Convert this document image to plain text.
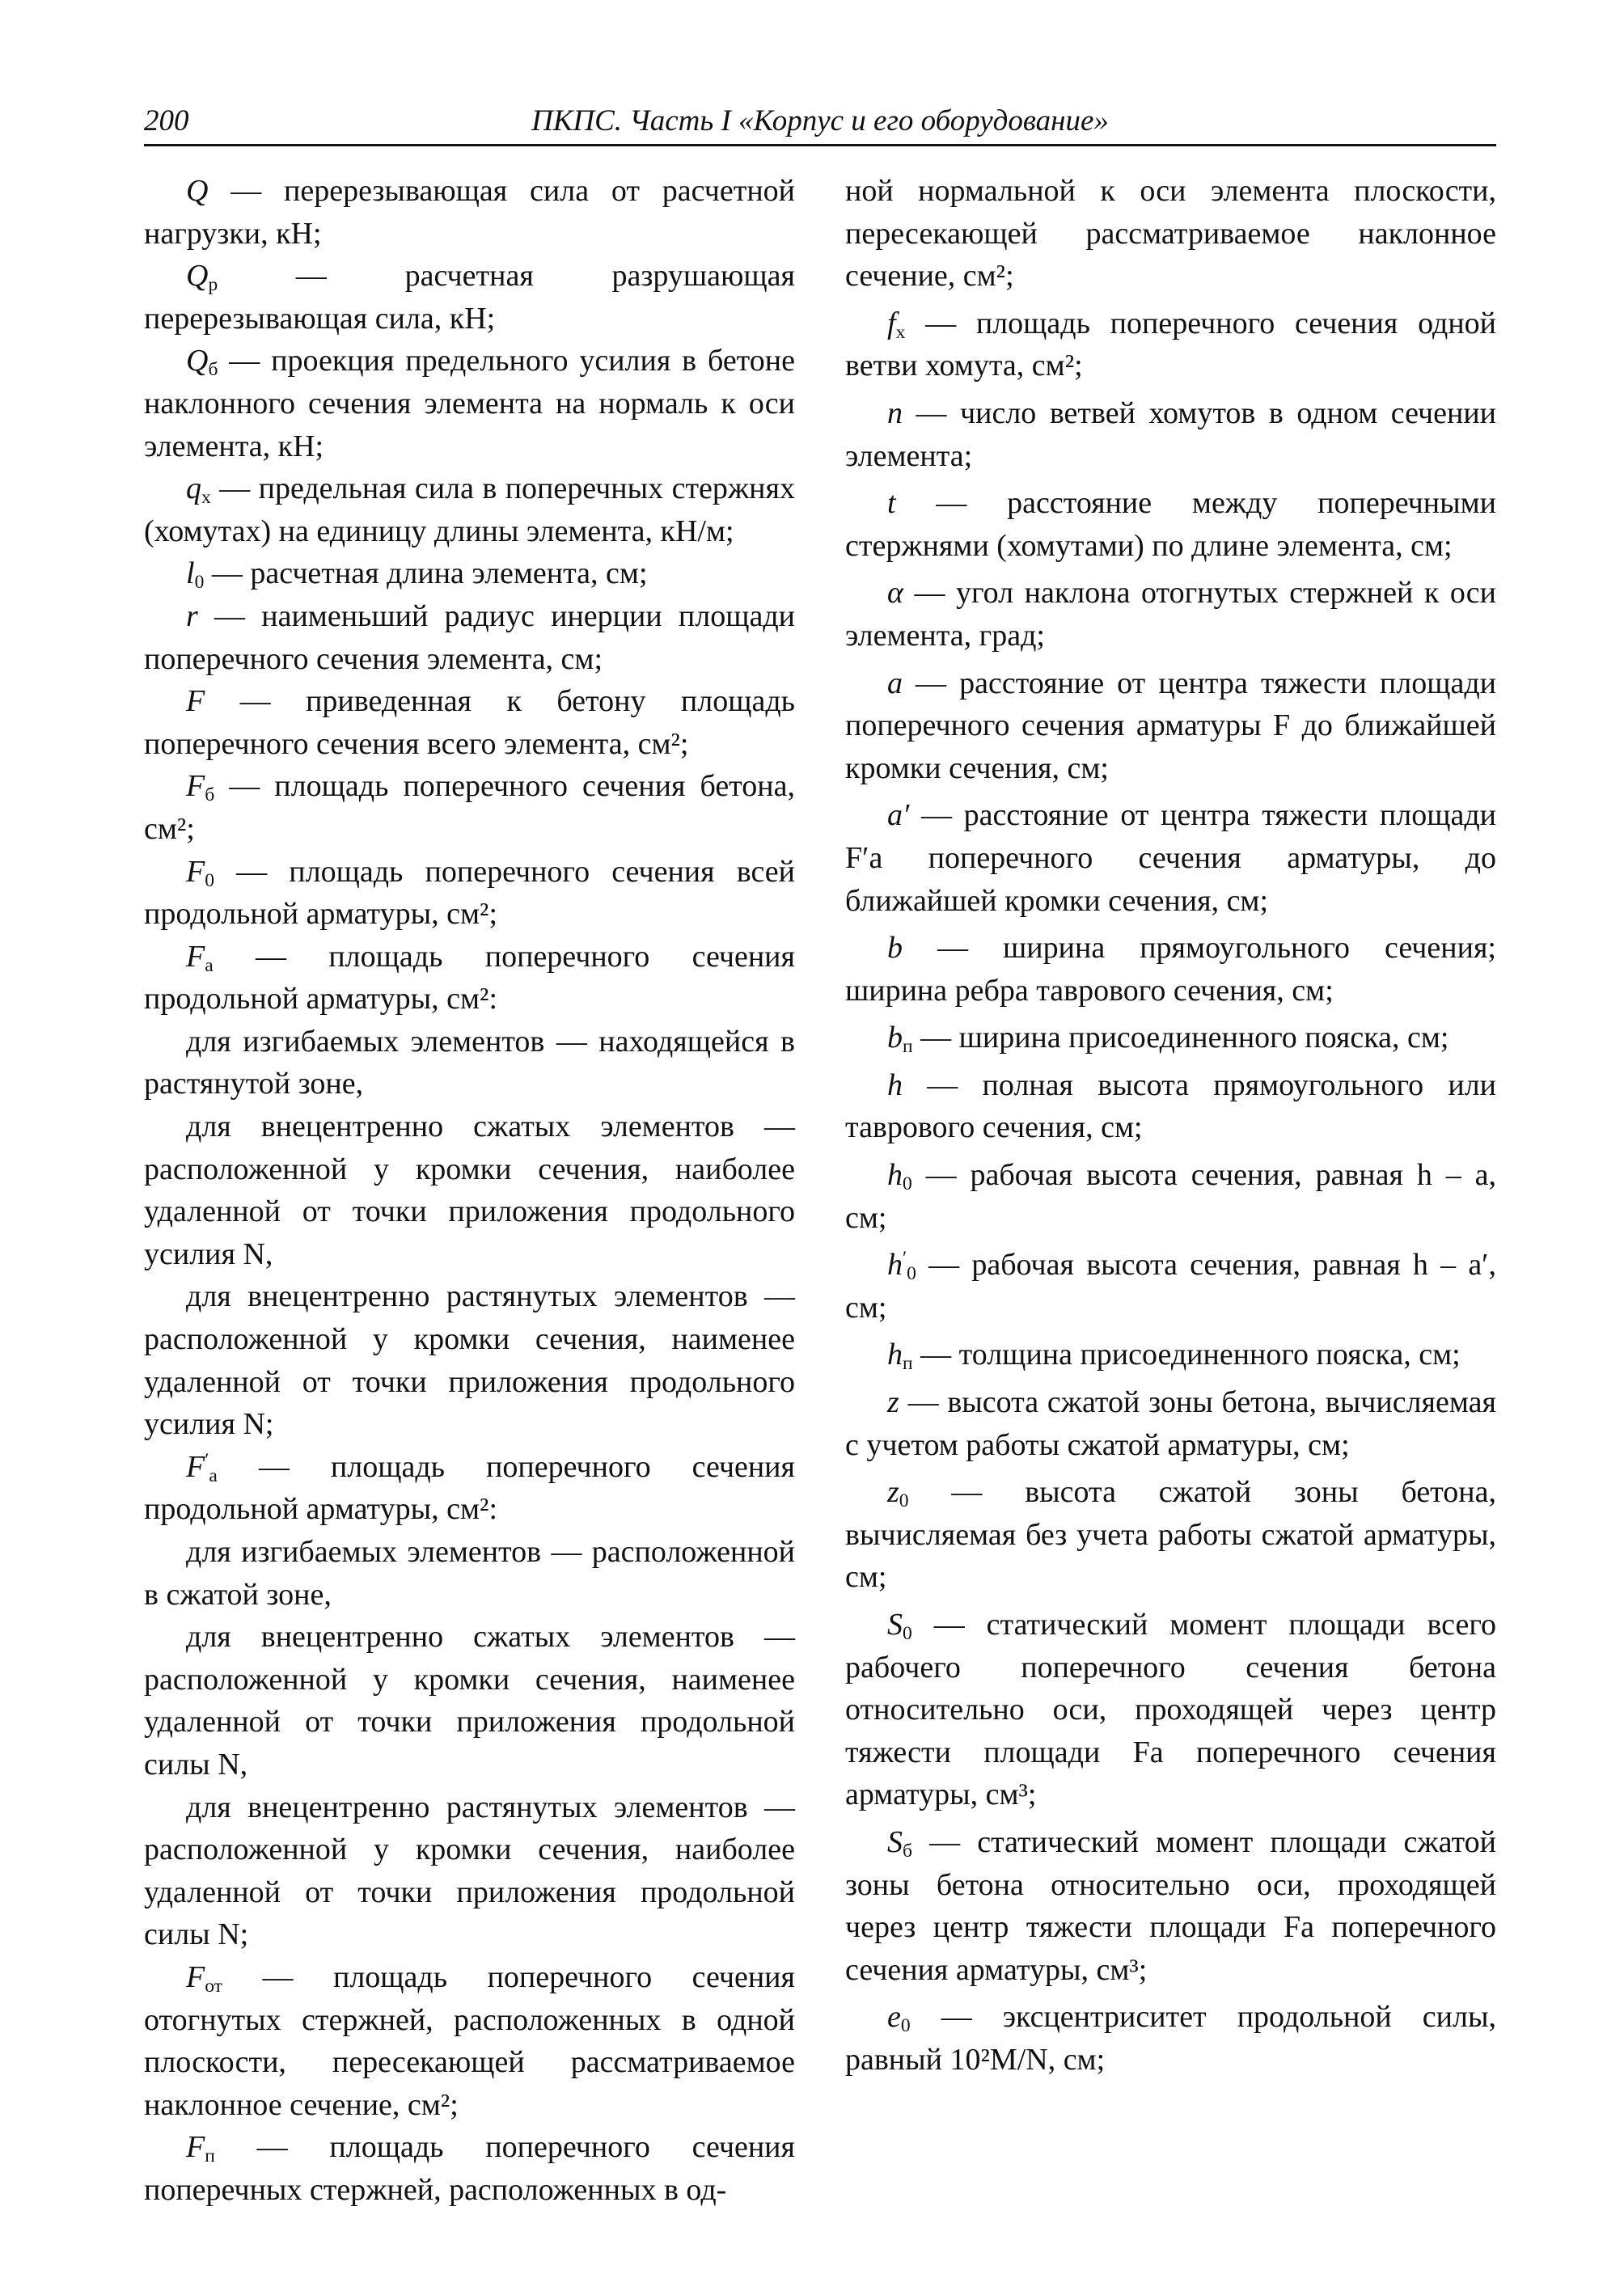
200	ПКПС. Часть I «Корпус и его оборудование»

Q — перерезывающая сила от расчетной нагрузки, кН;

$Q_р$ — расчетная разрушающая перерезывающая сила, кН;

$Q_б$ — проекция предельного усилия в бетоне наклонного сечения элемента на нормаль к оси элемента, кН;

$q_х$ — предельная сила в поперечных стержнях (хомутах) на единицу длины элемента, кН/м;

$l_0$ — расчетная длина элемента, см;

r — наименьший радиус инерции площади поперечного сечения элемента, см;

F — приведенная к бетону площадь поперечного сечения всего элемента, см²;

$F_б$ — площадь поперечного сечения бетона, см²;

$F_0$ — площадь поперечного сечения всей продольной арматуры, см²;

$F_а$ — площадь поперечного сечения продольной арматуры, см²:

для изгибаемых элементов — находящейся в растянутой зоне,

для внецентренно сжатых элементов — расположенной у кромки сечения, наиболее удаленной от точки приложения продольного усилия N,

для внецентренно растянутых элементов — расположенной у кромки сечения, наименее удаленной от точки приложения продольного усилия N;

$F'_а$ — площадь поперечного сечения продольной арматуры, см²:

для изгибаемых элементов — расположенной в сжатой зоне,

для внецентренно сжатых элементов — расположенной у кромки сечения, наименее удаленной от точки приложения продольной силы N,

для внецентренно растянутых элементов — расположенной у кромки сечения, наиболее удаленной от точки приложения продольной силы N;

$F_{от}$ — площадь поперечного сечения отогнутых стержней, расположенных в одной плоскости, пересекающей рассматриваемое наклонное сечение, см²;

$F_п$ — площадь поперечного сечения поперечных стержней, расположенных в од-

ной нормальной к оси элемента плоскости, пересекающей рассматриваемое наклонное сечение, см²;

$f_х$ — площадь поперечного сечения одной ветви хомута, см²;

n — число ветвей хомутов в одном сечении элемента;

t — расстояние между поперечными стержнями (хомутами) по длине элемента, см;

α — угол наклона отогнутых стержней к оси элемента, град;

a — расстояние от центра тяжести площади поперечного сечения арматуры F до ближайшей кромки сечения, см;

a′ — расстояние от центра тяжести площади F′а поперечного сечения арматуры, до ближайшей кромки сечения, см;

b — ширина прямоугольного сечения; ширина ребра таврового сечения, см;

$b_п$ — ширина присоединенного пояска, см;

h — полная высота прямоугольного или таврового сечения, см;

$h_0$ — рабочая высота сечения, равная h – a, см;

$h'_0$ — рабочая высота сечения, равная h – a′, см;

$h_п$ — толщина присоединенного пояска, см;

z — высота сжатой зоны бетона, вычисляемая с учетом работы сжатой арматуры, см;

$z_0$ — высота сжатой зоны бетона, вычисляемая без учета работы сжатой арматуры, см;

$S_0$ — статический момент площади всего рабочего поперечного сечения бетона относительно оси, проходящей через центр тяжести площади Fa поперечного сечения арматуры, см³;

$S_б$ — статический момент площади сжатой зоны бетона относительно оси, проходящей через центр тяжести площади Fа поперечного сечения арматуры, см³;

$e_0$ — эксцентриситет продольной силы, равный 10²M/N, см;
